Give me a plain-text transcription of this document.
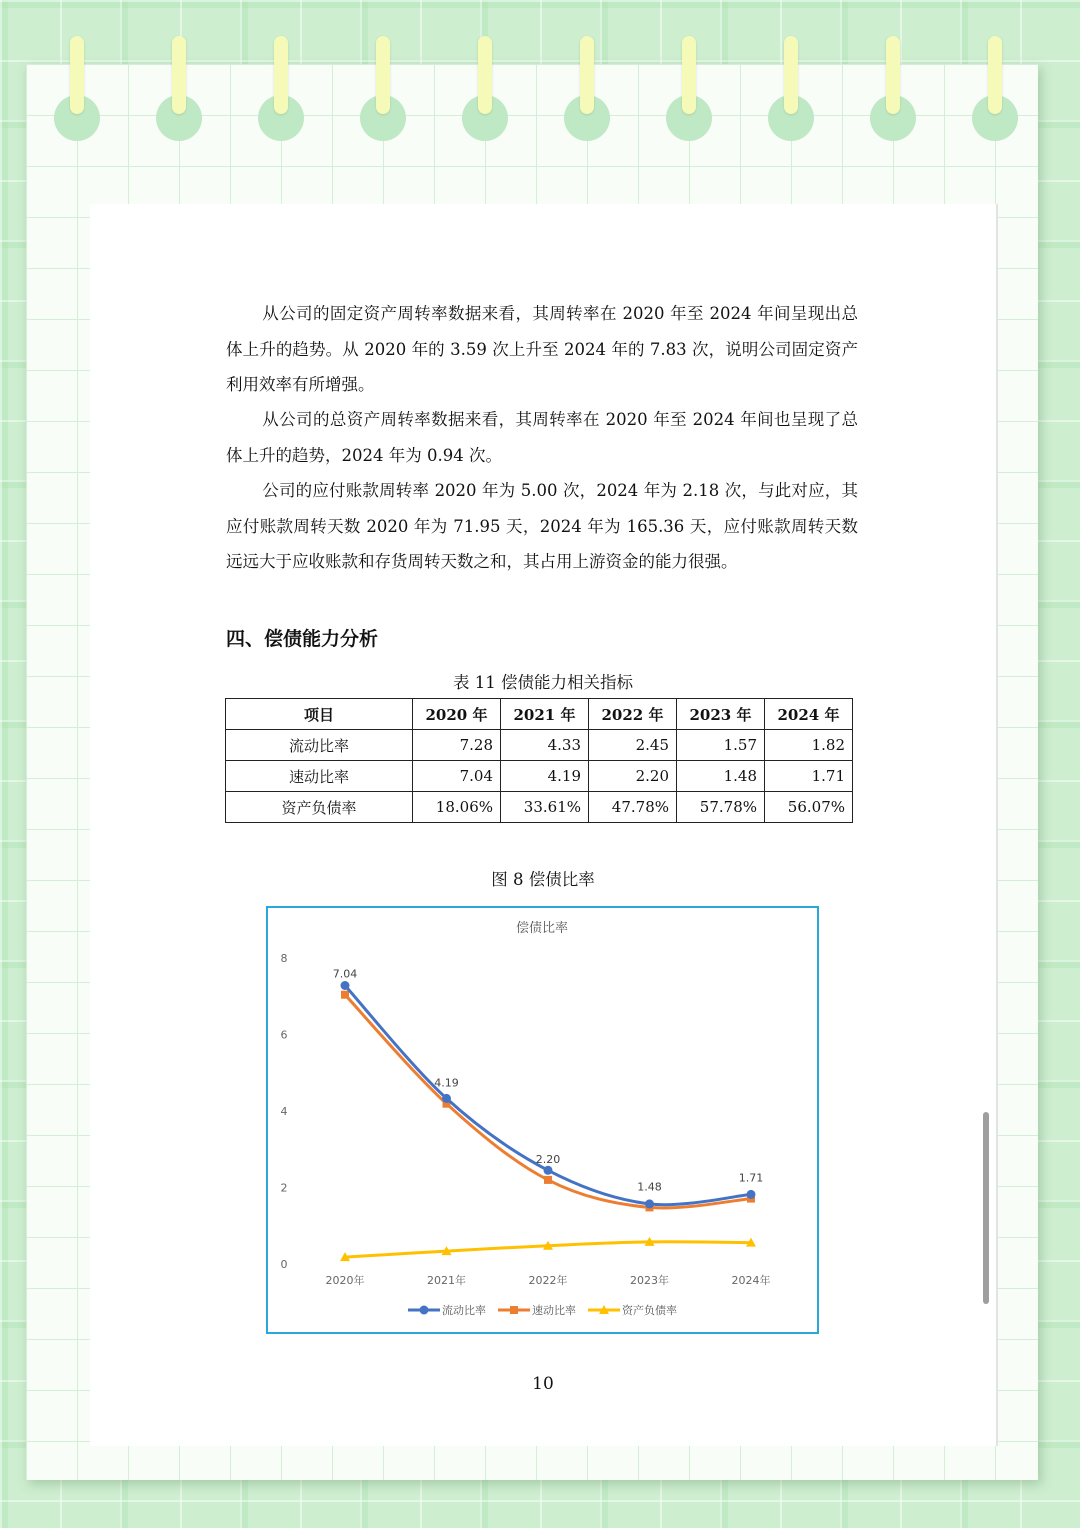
从公司的固定资产周转率数据来看，其周转率在 2020 年至 2024 年间呈现出总体上升的趋势。从 2020 年的 3.59 次上升至 2024 年的 7.83 次，说明公司固定资产利用效率有所增强。

从公司的总资产周转率数据来看，其周转率在 2020 年至 2024 年间也呈现了总体上升的趋势，2024 年为 0.94 次。

公司的应付账款周转率 2020 年为 5.00 次，2024 年为 2.18 次，与此对应，其应付账款周转天数 2020 年为 71.95 天，2024 年为 165.36 天，应付账款周转天数远远大于应收账款和存货周转天数之和，其占用上游资金的能力很强。

四、偿债能力分析
表 11 偿债能力相关指标
项目	2020 年	2021 年	2022 年	2023 年	2024 年
流动比率	7.28	4.33	2.45	1.57	1.82
速动比率	7.04	4.19	2.20	1.48	1.71
资产负债率	18.06%	33.61%	47.78%	57.78%	56.07%
图 8 偿债比率
偿债比率
0
2
4
6
8
2020年	2021年	2022年	2023年	2024年
7.04
4.19
2.20
1.48
1.71
流动比率	速动比率	资产负债率
10
